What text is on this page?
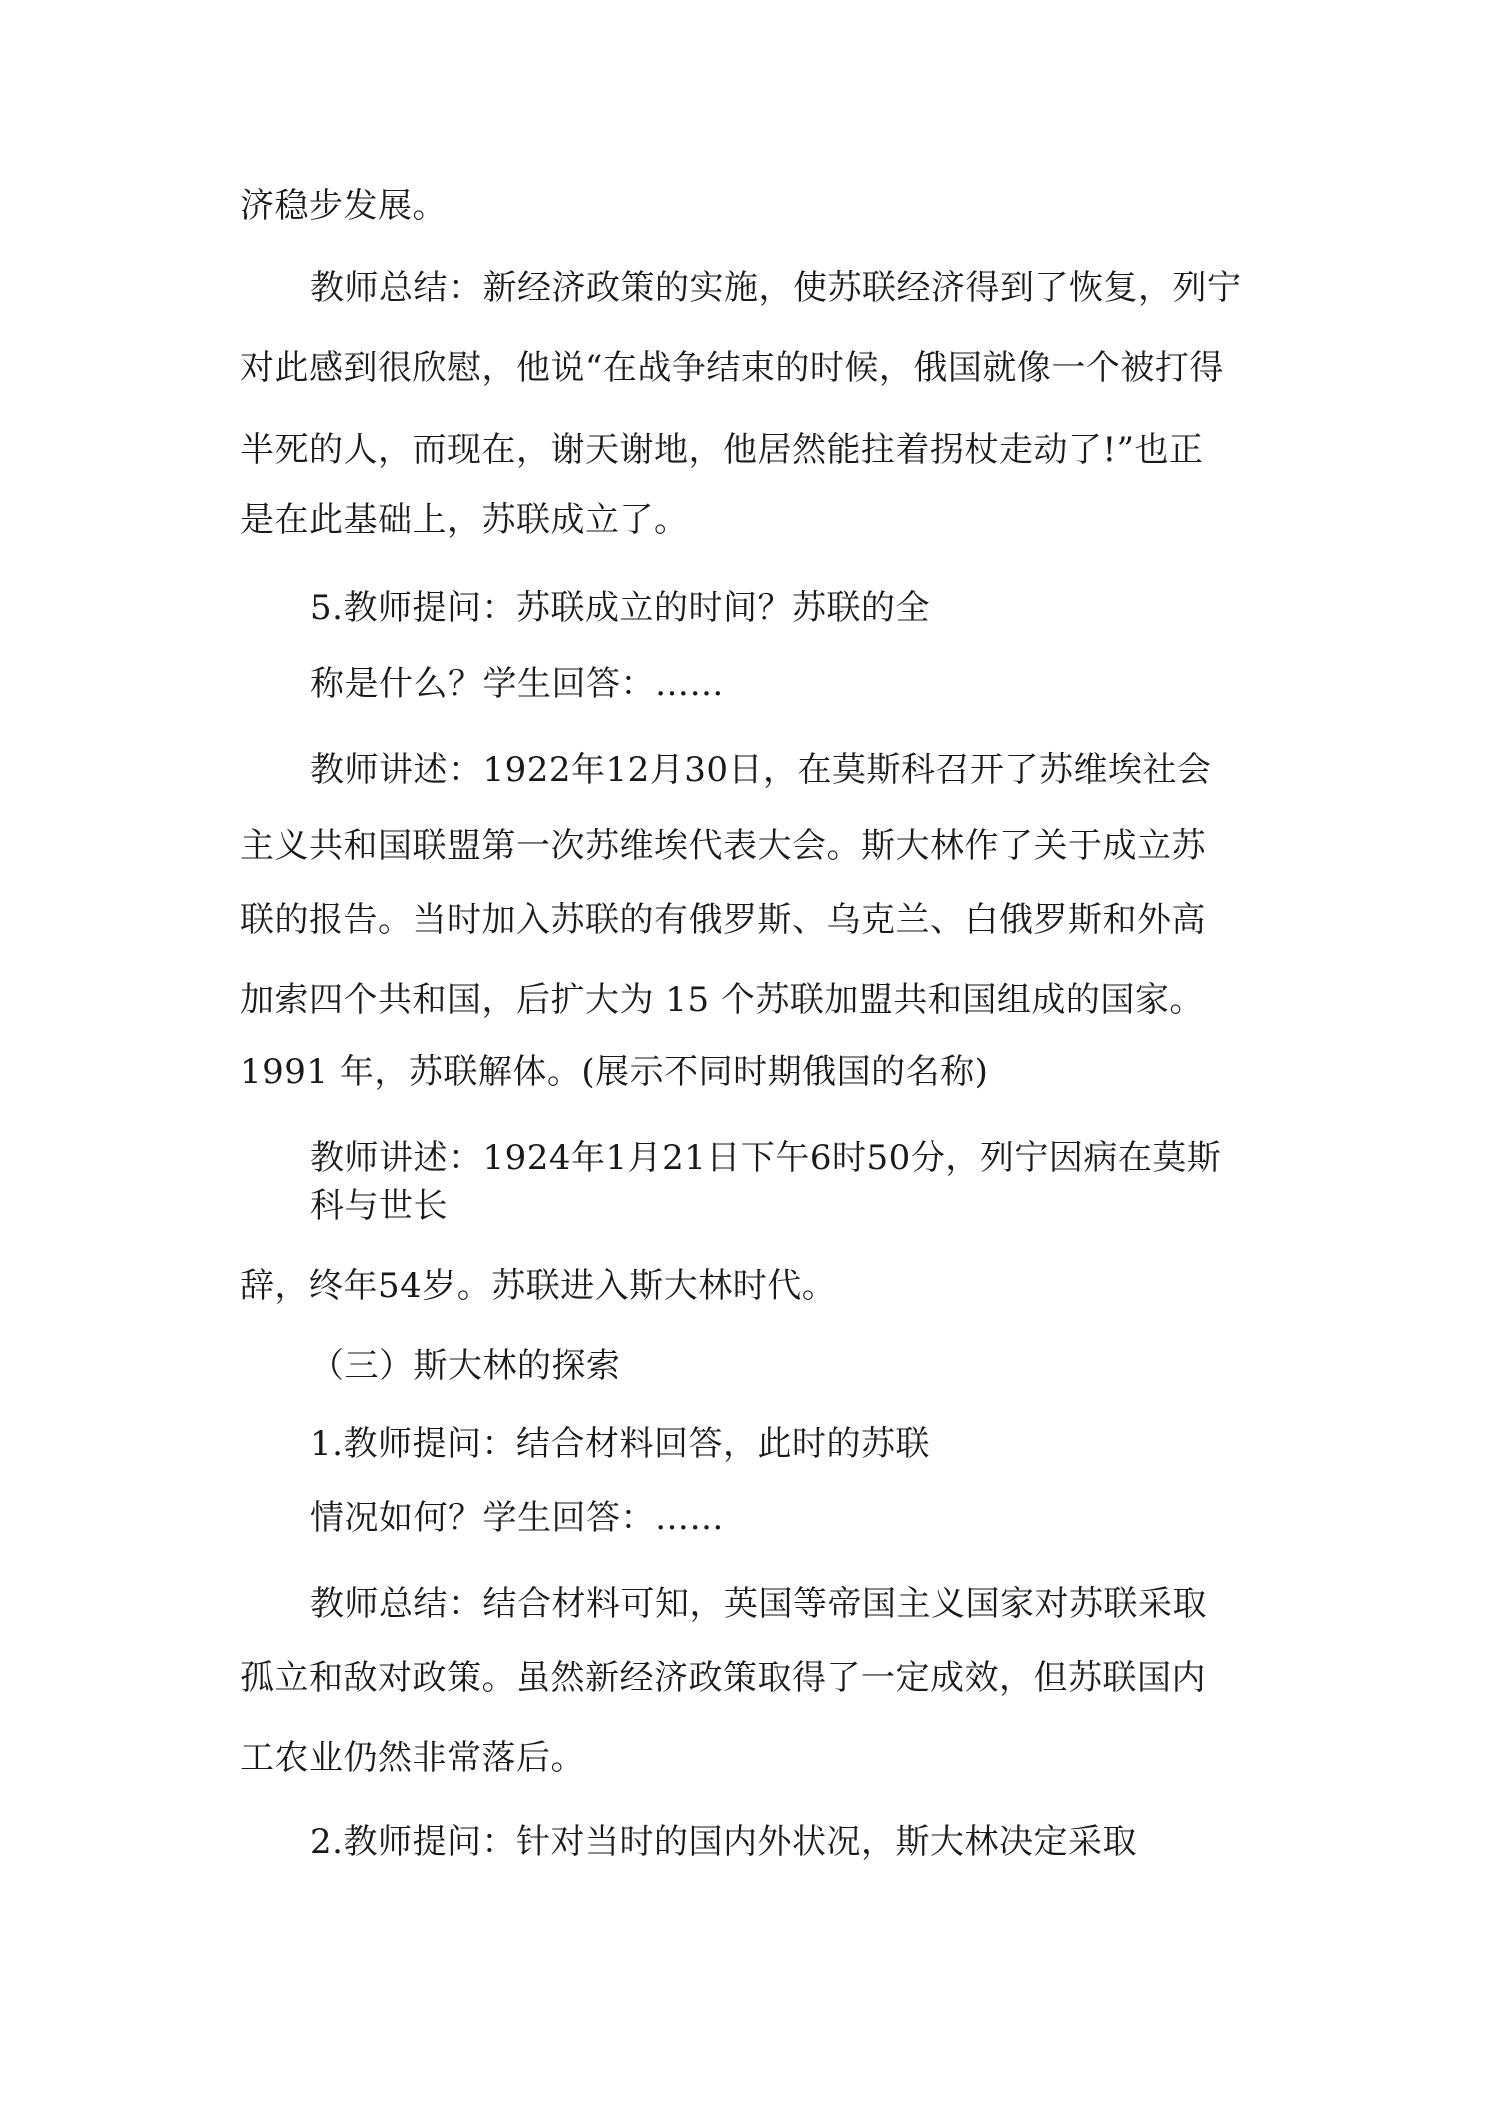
济稳步发展。

教师总结：新经济政策的实施，使苏联经济得到了恢复，列宁

对此感到很欣慰，他说“在战争结束的时候，俄国就像一个被打得

半死的人，而现在，谢天谢地，他居然能拄着拐杖走动了!”也正

是在此基础上，苏联成立了。

5.教师提问：苏联成立的时间？苏联的全

称是什么？学生回答：……

教师讲述：1922年12月30日，在莫斯科召开了苏维埃社会

主义共和国联盟第一次苏维埃代表大会。斯大林作了关于成立苏

联的报告。当时加入苏联的有俄罗斯、乌克兰、白俄罗斯和外高

加索四个共和国，后扩大为 15 个苏联加盟共和国组成的国家。

1991 年，苏联解体。(展示不同时期俄国的名称)

教师讲述：1924年1月21日下午6时50分，列宁因病在莫斯

科与世长

辞，终年54岁。苏联进入斯大林时代。

（三）斯大林的探索

1.教师提问：结合材料回答，此时的苏联

情况如何？学生回答：……

教师总结：结合材料可知，英国等帝国主义国家对苏联采取

孤立和敌对政策。虽然新经济政策取得了一定成效，但苏联国内

工农业仍然非常落后。

2.教师提问：针对当时的国内外状况，斯大林决定采取
